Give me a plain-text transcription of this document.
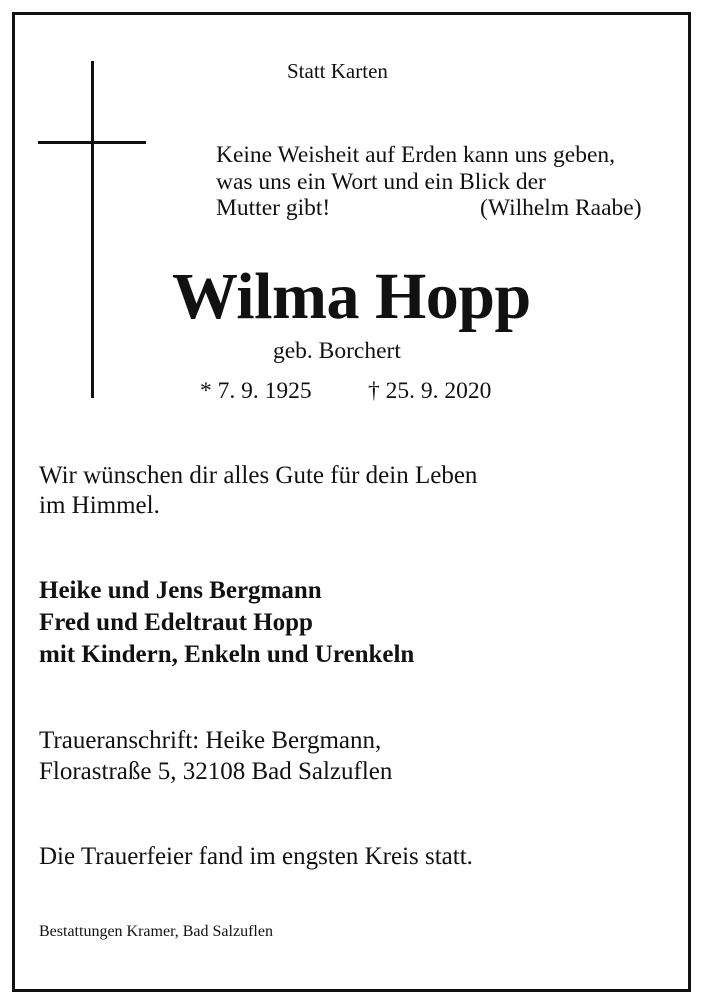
Statt Karten
Keine Weisheit auf Erden kann uns geben,
was uns ein Wort und ein Blick der
Mutter gibt!	(Wilhelm Raabe)
Wilma Hopp
geb. Borchert
* 7. 9. 1925 † 25. 9. 2020
Wir wünschen dir alles Gute für dein Leben
im Himmel.
Heike und Jens Bergmann
Fred und Edeltraut Hopp
mit Kindern, Enkeln und Urenkeln
Traueranschrift: Heike Bergmann,
Florastraße 5, 32108 Bad Salzuflen
Die Trauerfeier fand im engsten Kreis statt.
Bestattungen Kramer, Bad Salzuflen
